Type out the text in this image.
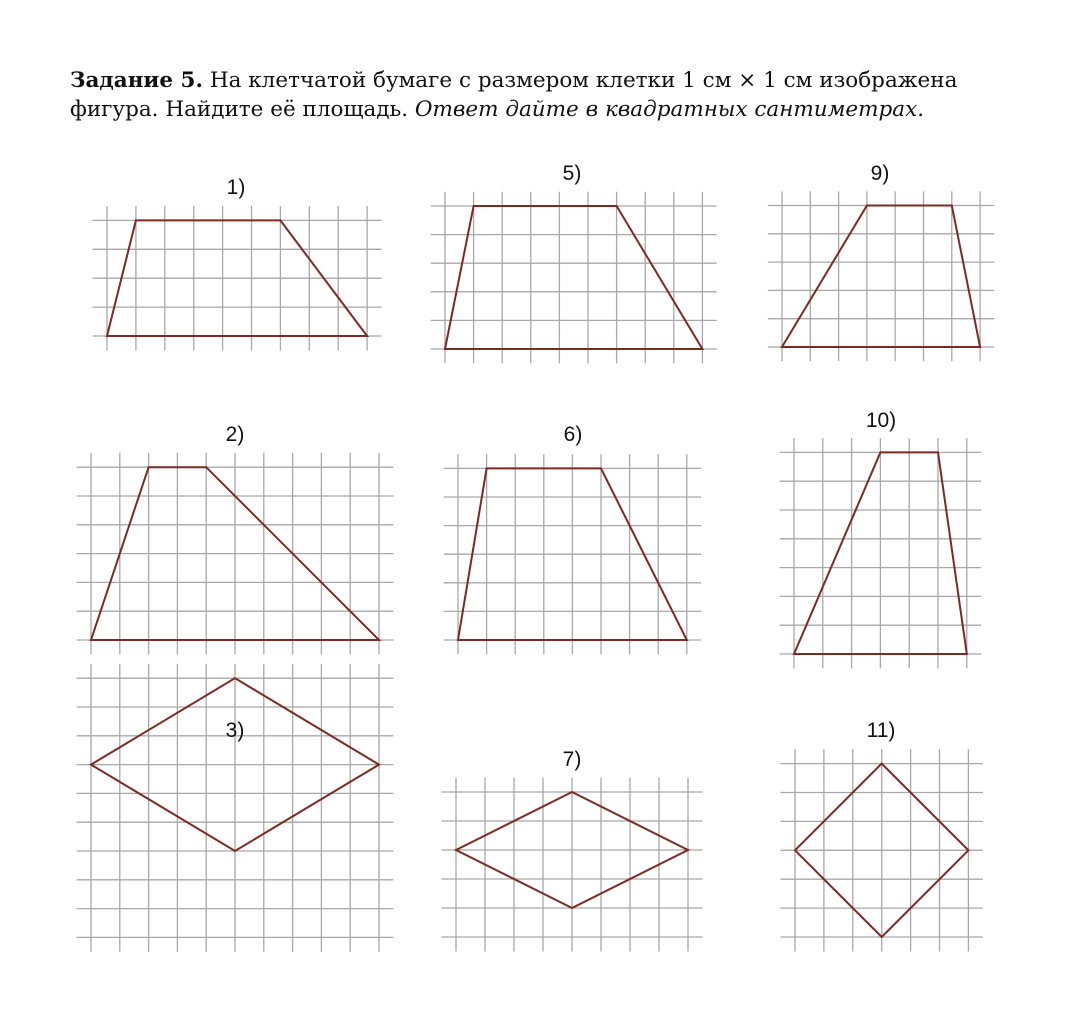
Задание 5. На клетчатой бумаге с размером клетки 1 см × 1 см изображена фигура. Найдите её площадь. Ответ дайте в квадратных сантиметрах.

1)
2)
3)
5)
6)
7)
9)
10)
11)
